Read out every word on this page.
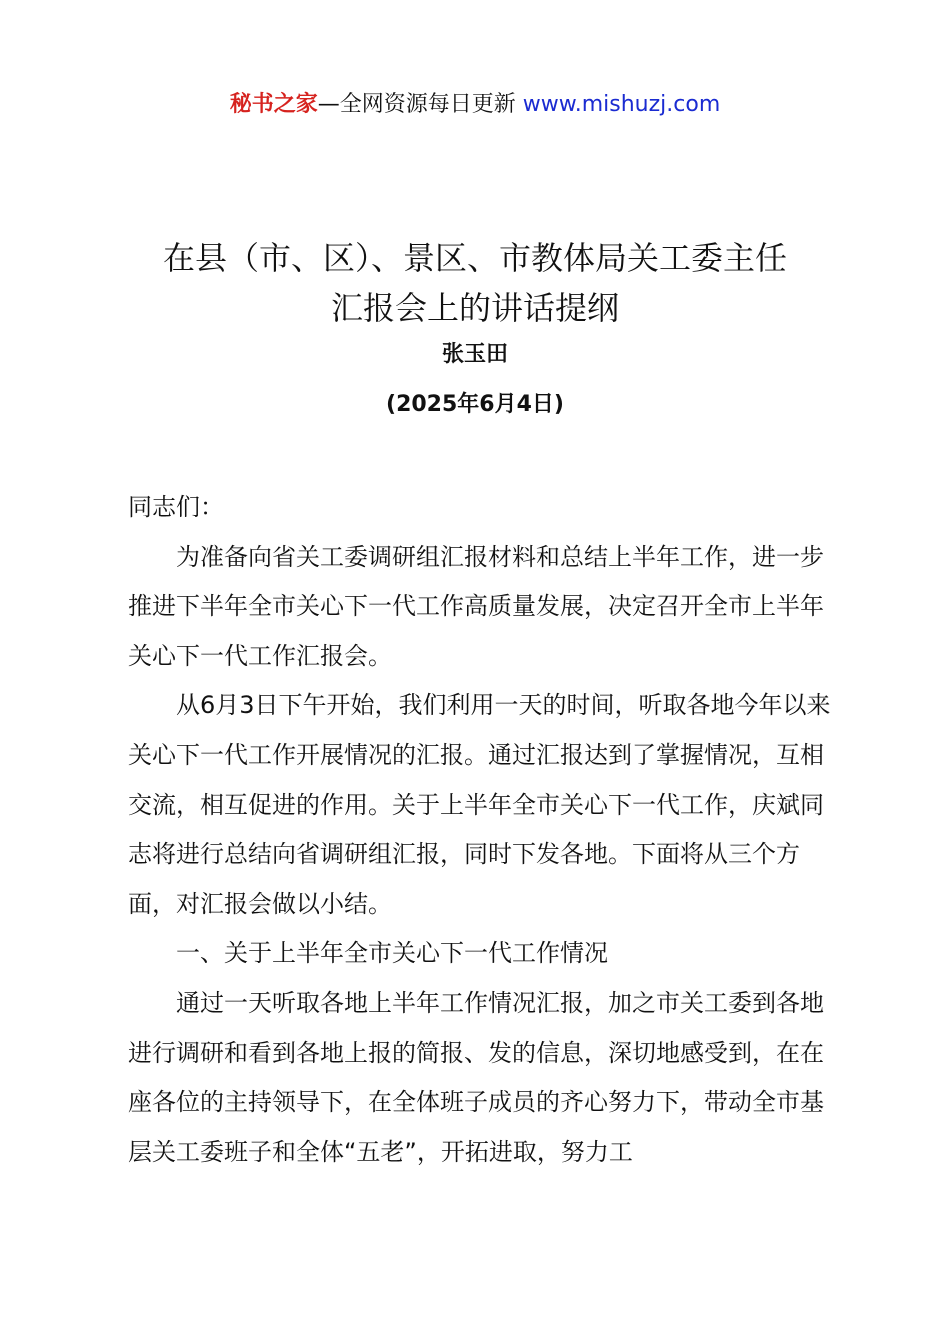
秘书之家—全网资源每日更新 www.mishuzj.com
在县（市、区）、景区、市教体局关工委主任
汇报会上的讲话提纲
张玉田
(2025年6月4日)

同志们：

为准备向省关工委调研组汇报材料和总结上半年工作，进一步推进下半年全市关心下一代工作高质量发展，决定召开全市上半年关心下一代工作汇报会。

从6月3日下午开始，我们利用一天的时间，听取各地今年以来关心下一代工作开展情况的汇报。通过汇报达到了掌握情况，互相交流，相互促进的作用。关于上半年全市关心下一代工作，庆斌同志将进行总结向省调研组汇报，同时下发各地。下面将从三个方面，对汇报会做以小结。

一、关于上半年全市关心下一代工作情况

通过一天听取各地上半年工作情况汇报，加之市关工委到各地进行调研和看到各地上报的简报、发的信息，深切地感受到，在在座各位的主持领导下，在全体班子成员的齐心努力下，带动全市基层关工委班子和全体“五老”，开拓进取，努力工
